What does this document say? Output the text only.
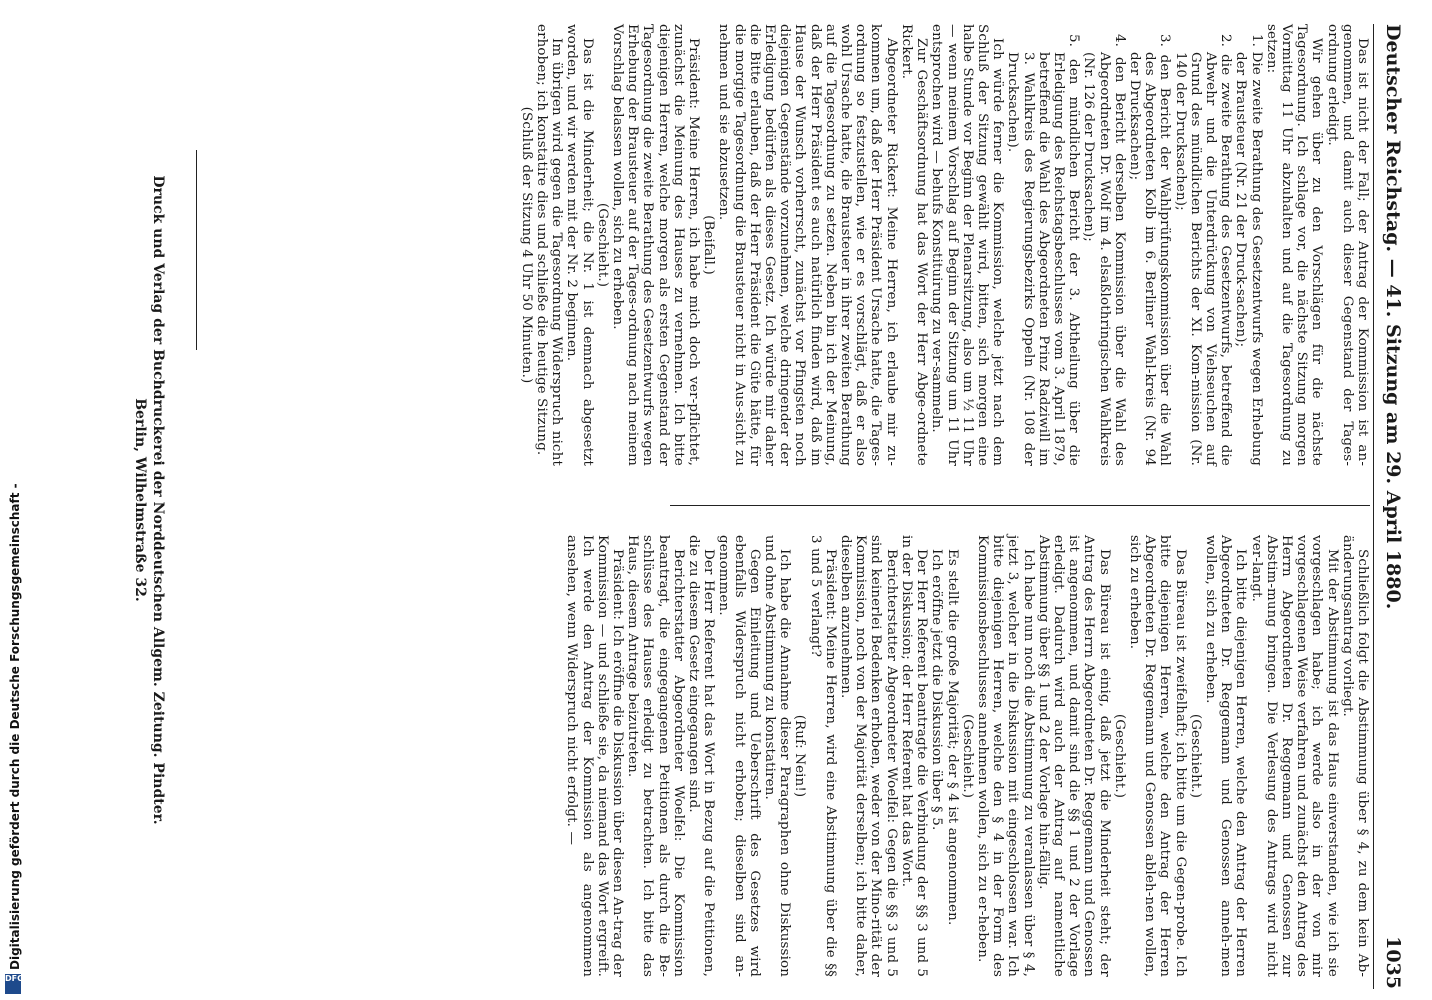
Deutscher Reichstag. — 41. Sitzung am 29. April 1880.
1035

Das ist nicht der Fall; der Antrag der Kommission ist an-genommen, und damit auch dieser Gegenstand der Tages-ordnung erledigt.

Wir gehen über zu den Vorschlägen für die nächste Tagesordnung. Ich schlage vor, die nächste Sitzung morgen Vormittag 11 Uhr abzuhalten und auf die Tagesordnung zu setzen:

1. Die zweite Berathung des Gesetzentwurfs wegen Erhebung der Brausteuer (Nr. 21 der Druck-sachen);

2. die zweite Berathung des Gesetzentwurfs, betreffend die Abwehr und die Unterdrückung von Viehseuchen auf Grund des mündlichen Berichts der XI. Kom-mission (Nr. 140 der Drucksachen);

3. den Bericht der Wahlprüfungskommission über die Wahl des Abgeordneten Kolb im 6. Berliner Wahl-kreis (Nr. 94 der Drucksachen);

4. den Bericht derselben Kommission über die Wahl des Abgeordneten Dr. Wolf im 4. elsaßlothringischen Wahlkreis (Nr. 126 der Drucksachen);

5. den mündlichen Bericht der 3. Abtheilung über die Erledigung des Reichstagsbeschlusses vom 3. April 1879, betreffend die Wahl des Abgeordneten Prinz Radziwill im 3. Wahlkreis des Regierungsbezirks Oppeln (Nr. 108 der Drucksachen).

Ich würde ferner die Kommission, welche jetzt nach dem Schluß der Sitzung gewählt wird, bitten, sich morgen eine halbe Stunde vor Beginn der Plenarsitzung, also um ½ 11 Uhr — wenn meinem Vorschlag auf Beginn der Sitzung um 11 Uhr entsprochen wird — behufs Konstituirung zu ver-sammeln.

Zur Geschäftsordnung hat das Wort der Herr Abge-ordnete Rickert.

Abgeordneter Rickert: Meine Herren, ich erlaube mir zu-kommen um, daß der Herr Präsident Ursache hatte, die Tages-ordnung so festzustellen, wie er es vorschlägt, daß er also wohl Ursache hatte, die Brausteuer in ihrer zweiten Berathung auf die Tagesordnung zu setzen. Neben bin ich der Meinung, daß der Herr Präsident es auch natürlich finden wird, daß im Hause der Wunsch vorherrscht, zunächst vor Pfingsten noch diejenigen Gegenstände vorzunehmen, welche dringender der Erledigung bedürfen als dieses Gesetz. Ich würde mir daher die Bitte erlauben, daß der Herr Präsident die Güte hätte, für die morgige Tagesordnung die Brausteuer nicht in Aus-sicht zu nehmen und sie abzusetzen.

(Beifall.)

Präsident: Meine Herren, ich habe mich doch ver-pflichtet, zunächst die Meinung des Hauses zu vernehmen. Ich bitte diejenigen Herren, welche morgen als ersten Gegenstand der Tagesordnung die zweite Berathung des Gesetzentwurfs wegen Erhebung der Brausteuer auf der Tages-ordnung nach meinem Vorschlag belassen wollen, sich zu erheben.

(Geschieht.)

Das ist die Minderheit; die Nr. 1 ist demnach abgesetzt worden, und wir werden mit der Nr. 2 beginnen.

Im übrigen wird gegen die Tagesordnung Widerspruch nicht erhoben; ich konstatire dies und schließe die heutige Sitzung.

(Schluß der Sitzung 4 Uhr 50 Minuten.)

Schließlich folgt die Abstimmung über § 4, zu dem kein Ab-änderungsantrag vorliegt.

Mit der Abstimmung ist das Haus einverstanden, wie ich sie vorgeschlagen habe; ich werde also in der von mir vorgeschlagenen Weise verfahren und zunächst den Antrag des Herrn Abgeordneten Dr. Reggemann und Genossen zur Abstim-mung bringen. Die Verlesung des Antrags wird nicht ver-langt.

Ich bitte diejenigen Herren, welche den Antrag der Herren Abgeordneten Dr. Reggemann und Genossen anneh-men wollen, sich zu erheben.

(Geschieht.)

Das Büreau ist zweifelhaft; ich bitte um die Gegen-probe. Ich bitte diejenigen Herren, welche den Antrag der Herren Abgeordneten Dr. Reggemann und Genossen ableh-nen wollen, sich zu erheben.

(Geschieht.)

Das Büreau ist einig, daß jetzt die Minderheit steht; der Antrag des Herrn Abgeordneten Dr. Reggemann und Genossen ist angenommen, und damit sind die §§ 1 und 2 der Vorlage erledigt. Dadurch wird auch der Antrag auf namentliche Abstimmung über §§ 1 und 2 der Vorlage hin-fällig.

Ich habe nun noch die Abstimmung zu veranlassen über § 4, jetzt 3, welcher in die Diskussion mit eingeschlossen war. Ich bitte diejenigen Herren, welche den § 4 in der Form des Kommissionsbeschlusses annehmen wollen, sich zu er-heben.

(Geschieht.)

Es stellt die große Majorität; der § 4 ist angenommen.

Ich eröffne jetzt die Diskussion über § 5.

Der Herr Referent beantragte die Verbindung der §§ 3 und 5 in der Diskussion; der Herr Referent hat das Wort.

Berichterstatter Abgeordneter Woelfel: Gegen die §§ 3 und 5 sind keinerlei Bedenken erhoben, weder von der Mino-rität der Kommission, noch von der Majorität derselben; ich bitte daher, dieselben anzunehmen.

Präsident: Meine Herren, wird eine Abstimmung über die §§ 3 und 5 verlangt?

(Ruf: Nein!)

Ich habe die Annahme dieser Paragraphen ohne Diskussion und ohne Abstimmung zu konstatiren.

Gegen Einleitung und Ueberschrift des Gesetzes wird ebenfalls Widerspruch nicht erhoben; dieselben sind an-genommen.

Der Herr Referent hat das Wort in Bezug auf die Petitionen, die zu diesem Gesetz eingegangen sind.

Berichterstatter Abgeordneter Woelfel: Die Kommission beantragt, die eingegangenen Petitionen als durch die Be-schlüsse des Hauses erledigt zu betrachten. Ich bitte das Haus, diesem Antrage beizutreten.

Präsident: Ich eröffne die Diskussion über diesen An-trag der Kommission — und schließe sie, da niemand das Wort ergreift. Ich werde den Antrag der Kommission als angenommen ansehen, wenn Widerspruch nicht erfolgt. —

Druck und Verlag der Buchdruckerei der Norddeutschen Allgem. Zeitung. Pindter.
Berlin, Wilhelmstraße 32.
Digitalisierung gefördert durch die Deutsche Forschungsgemeinschaft -
DFG
